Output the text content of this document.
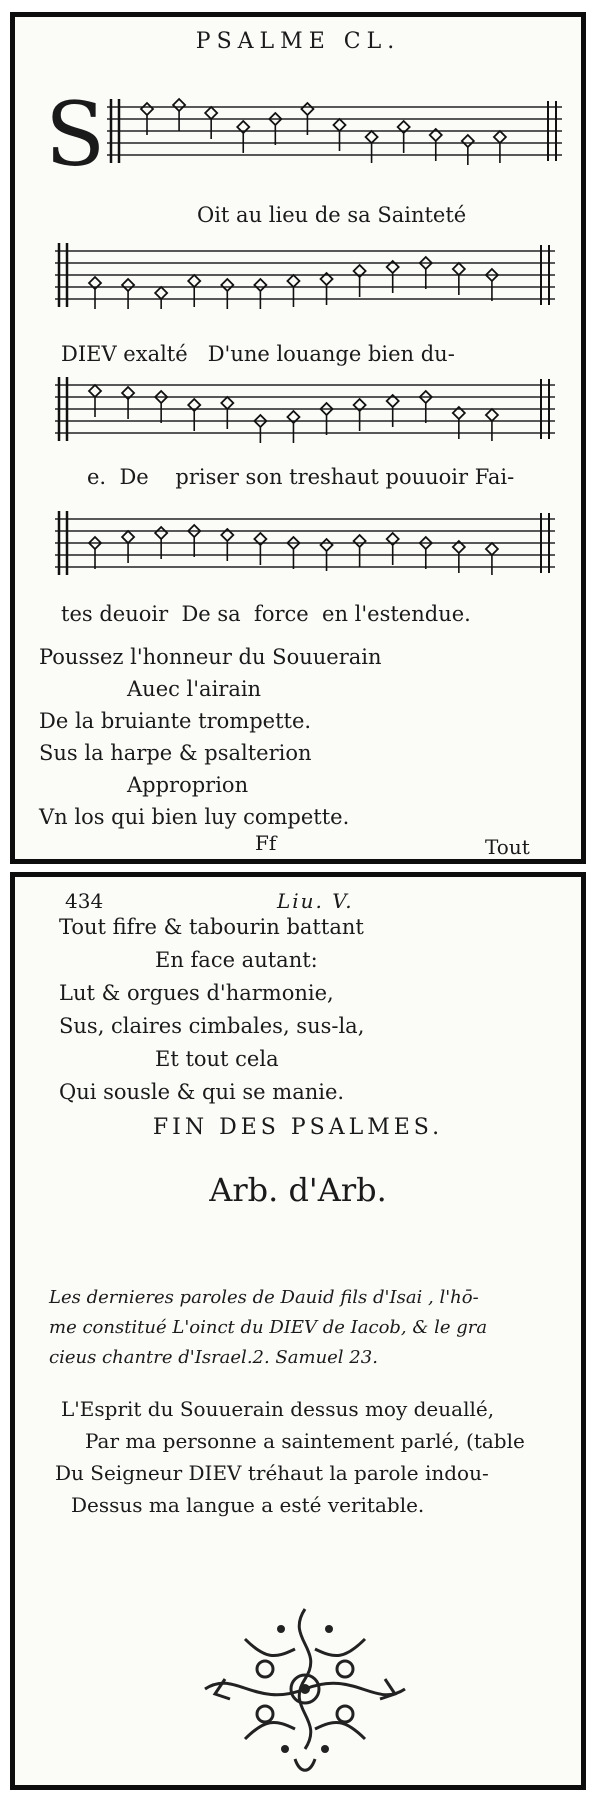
PSALME CL.
S
Oit au lieu de sa Sainteté
DIEV exalté   D'une louange bien du-
e.  De    priser son treshaut pouuoir Fai-
tes deuoir  De sa  force  en l'estendue.
Poussez l'honneur du Souuerain
Auec l'airain
De la bruiante trompette.
Sus la harpe & psalterion
Approprion
Vn los qui bien luy compette.
Ff	Tout
434	Liu. V.
Tout fifre & tabourin battant
En face autant:
Lut & orgues d'harmonie,
Sus, claires cimbales, sus-la,
Et tout cela
Qui sousle & qui se manie.
FIN DES PSALMES.
Arb. d'Arb.
Les dernieres paroles de Dauid fils d'Isai , l'hō-
me constitué L'oinct du DIEV de Iacob, & le gra
cieus chantre d'Israel.2. Samuel 23.
L'Esprit du Souuerain dessus moy deuallé,
Par ma personne a saintement parlé, (table
Du Seigneur DIEV tréhaut la parole indou-
Dessus ma langue a esté veritable.
